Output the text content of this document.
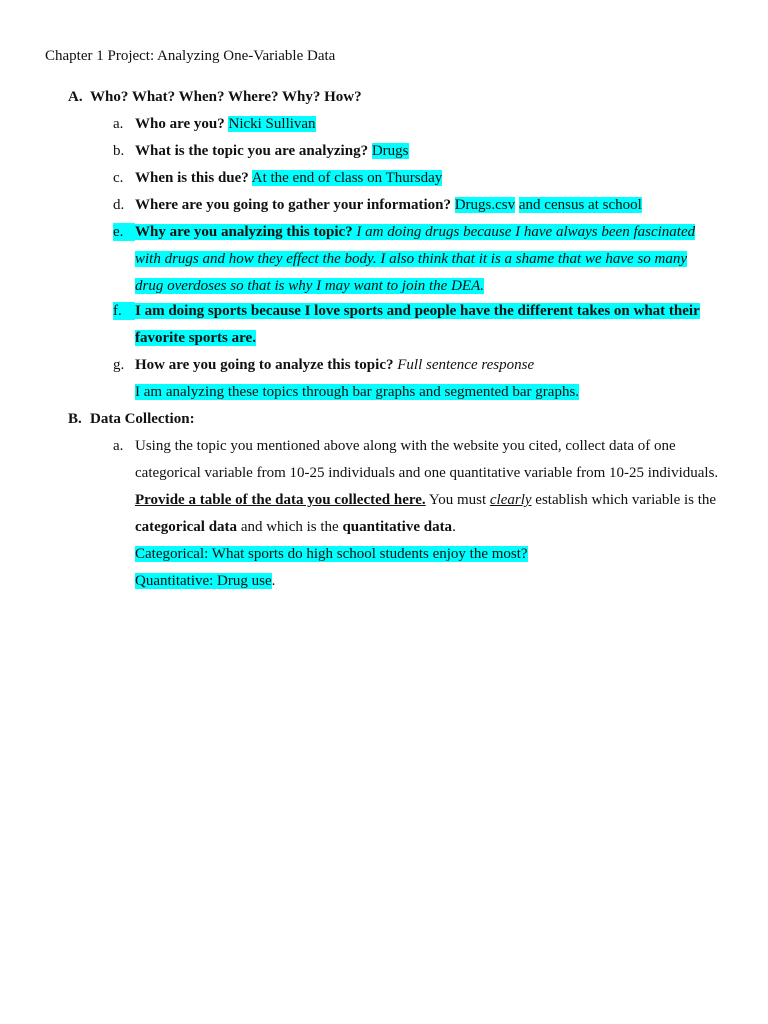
Chapter 1 Project: Analyzing One-Variable Data
A. Who? What? When? Where? Why? How?
a. Who are you? Nicki Sullivan
b. What is the topic you are analyzing? Drugs
c. When is this due? At the end of class on Thursday
d. Where are you going to gather your information? Drugs.csv and census at school
e. Why are you analyzing this topic? I am doing drugs because I have always been fascinated
with drugs and how they effect the body. I also think that it is a shame that we have so many
drug overdoses so that is why I may want to join the DEA.
f. I am doing sports because I love sports and people have the different takes on what their
favorite sports are.
g. How are you going to analyze this topic? Full sentence response
I am analyzing these topics through bar graphs and segmented bar graphs.
B. Data Collection:
a. Using the topic you mentioned above along with the website you cited, collect data of one
categorical variable from 10-25 individuals and one quantitative variable from 10-25 individuals.
Provide a table of the data you collected here. You must clearly establish which variable is the
categorical data and which is the quantitative data.
Categorical: What sports do high school students enjoy the most?
Quantitative: Drug use.
